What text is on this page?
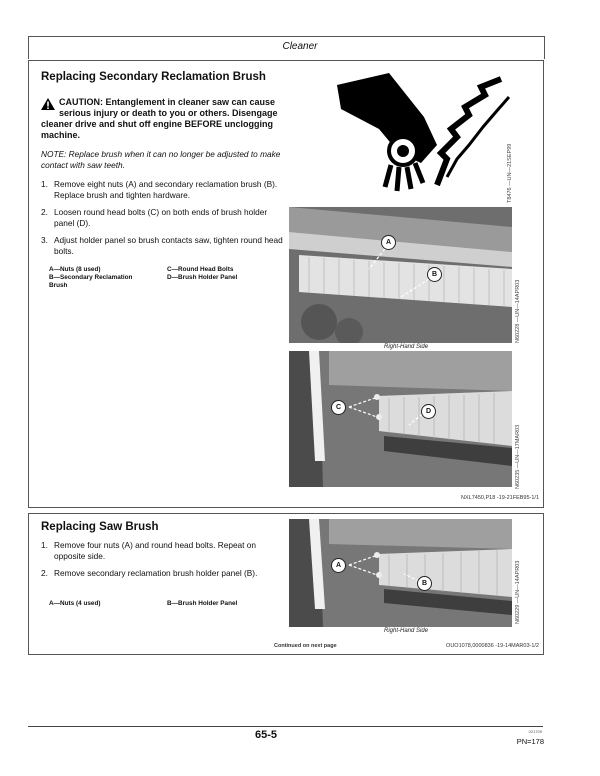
Cleaner
Replacing Secondary Reclamation Brush
CAUTION: Entanglement in cleaner saw can cause serious injury or death to you or others. Disengage cleaner drive and shut off engine BEFORE unclogging machine.
NOTE: Replace brush when it can no longer be adjusted to make contact with saw teeth.
1. Remove eight nuts (A) and secondary reclamation brush (B). Replace brush and tighten hardware.
2. Loosen round head bolts (C) on both ends of brush holder panel (D).
3. Adjust holder panel so brush contacts saw, tighten round head bolts.
A—Nuts (8 used)	C—Round Head Bolts
B—Secondary Reclamation Brush
D—Brush Holder Panel
T8476 —UN—21SEP99
A
B
Right-Hand Side
N60228 —UN—14APR03
C
D
N60235 —UN—17MAR03
NXL7450,P18 -19-21FEB95-1/1
Replacing Saw Brush
1. Remove four nuts (A) and round head bolts. Repeat on opposite side.
2. Remove secondary reclamation brush holder panel (B).
A—Nuts (4 used)	B—Brush Holder Panel
A
B
Right-Hand Side
N60229 —UN—14APR03
Continued on next page	OUO1078,0000836 -19-14MAR03-1/2
65-5	021709
PN=178
